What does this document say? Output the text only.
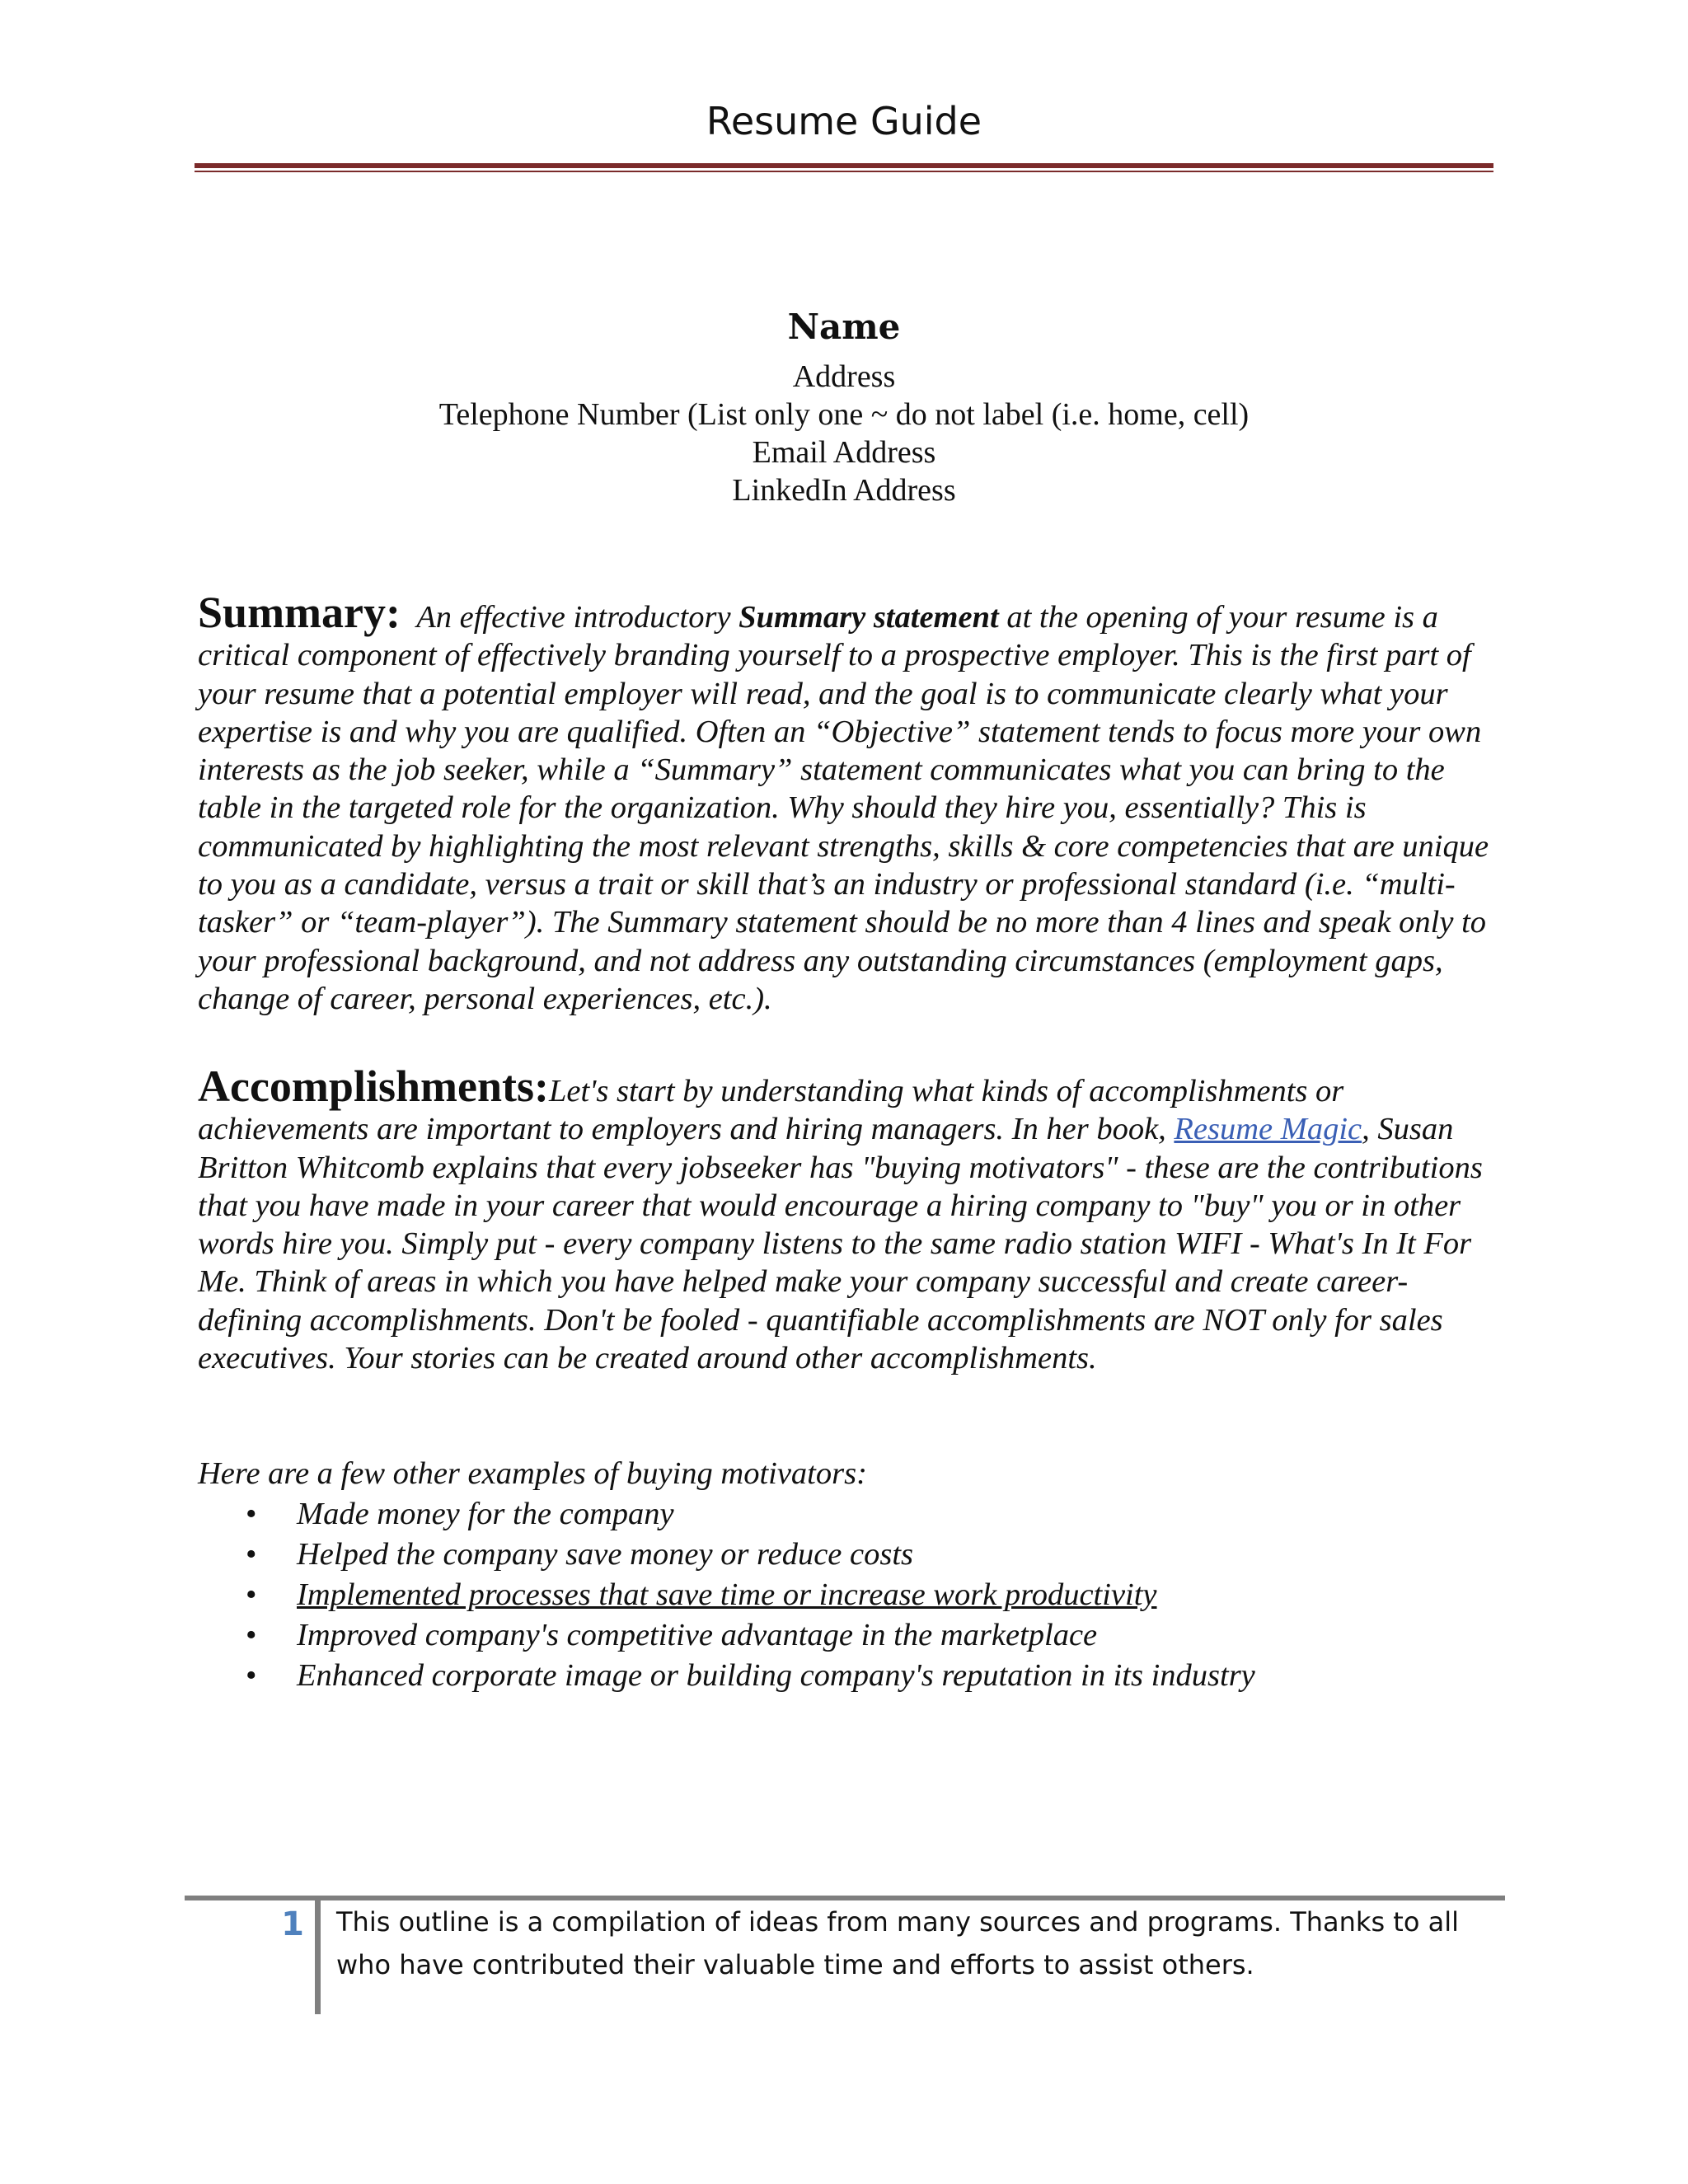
Resume Guide
Name
Address
Telephone Number (List only one ~ do not label (i.e. home, cell)
Email Address
LinkedIn Address
Summary: An effective introductory Summary statement at the opening of your resume is a critical component of effectively branding yourself to a prospective employer. This is the first part of your resume that a potential employer will read, and the goal is to communicate clearly what your expertise is and why you are qualified. Often an “Objective” statement tends to focus more your own interests as the job seeker, while a “Summary” statement communicates what you can bring to the table in the targeted role for the organization. Why should they hire you, essentially? This is communicated by highlighting the most relevant strengths, skills & core competencies that are unique to you as a candidate, versus a trait or skill that’s an industry or professional standard (i.e. “multi-tasker” or “team-player”). The Summary statement should be no more than 4 lines and speak only to your professional background, and not address any outstanding circumstances (employment gaps, change of career, personal experiences, etc.).
Accomplishments:Let's start by understanding what kinds of accomplishments or achievements are important to employers and hiring managers. In her book, Resume Magic, Susan Britton Whitcomb explains that every jobseeker has "buying motivators" - these are the contributions that you have made in your career that would encourage a hiring company to "buy" you or in other words hire you. Simply put - every company listens to the same radio station WIFI - What's In It For Me. Think of areas in which you have helped make your company successful and create career-defining accomplishments. Don't be fooled - quantifiable accomplishments are NOT only for sales executives. Your stories can be created around other accomplishments.
Here are a few other examples of buying motivators:
• Made money for the company
• Helped the company save money or reduce costs
• Implemented processes that save time or increase work productivity
• Improved company's competitive advantage in the marketplace
• Enhanced corporate image or building company's reputation in its industry
1	This outline is a compilation of ideas from many sources and programs. Thanks to all who have contributed their valuable time and efforts to assist others.
